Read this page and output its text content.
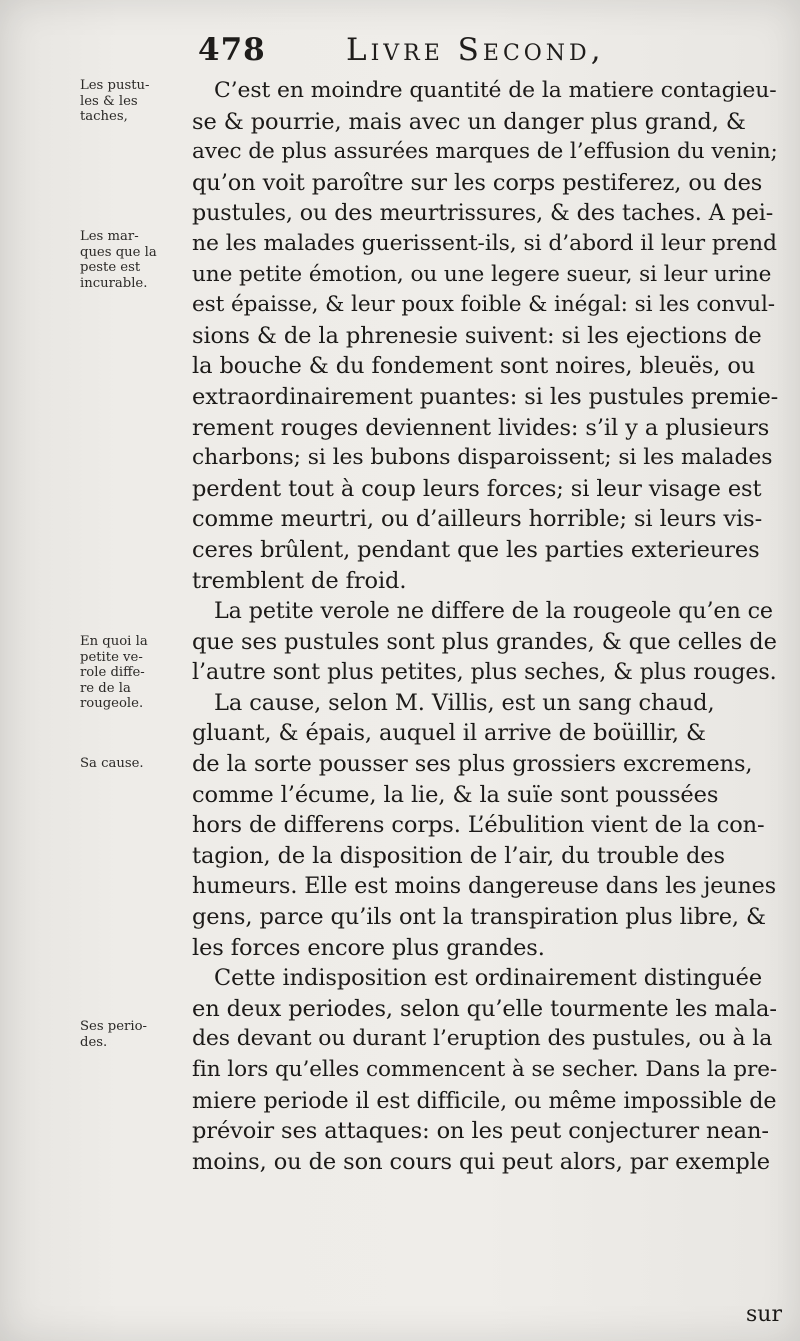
478	Livre Second,
Les pustu-
les & les
taches,
Les mar-
ques que la
peste est
incurable.
En quoi la
petite ve-
role diffe-
re de la
rougeole.
Sa cause.
Ses perio-
des.
C’est en moindre quantité de la matiere contagieu-
se & pourrie, mais avec un danger plus grand, &
avec de plus assurées marques de l’effusion du venin;
qu’on voit paroître sur les corps pestiferez, ou des
pustules, ou des meurtrissures, & des taches. A pei-
ne les malades guerissent-ils, si d’abord il leur prend
une petite émotion, ou une legere sueur, si leur urine
est épaisse, & leur poux foible & inégal: si les convul-
sions & de la phrenesie suivent: si les ejections de
la bouche & du fondement sont noires, bleuës, ou
extraordinairement puantes: si les pustules premie-
rement rouges deviennent livides: s’il y a plusieurs
charbons; si les bubons disparoissent; si les malades
perdent tout à coup leurs forces; si leur visage est
comme meurtri, ou d’ailleurs horrible; si leurs vis-
ceres brûlent, pendant que les parties exterieures
tremblent de froid.
La petite verole ne differe de la rougeole qu’en ce
que ses pustules sont plus grandes, & que celles de
l’autre sont plus petites, plus seches, & plus rouges.
La cause, selon M. Villis, est un sang chaud,
gluant, & épais, auquel il arrive de boüillir, &
de la sorte pousser ses plus grossiers excremens,
comme l’écume, la lie, & la suïe sont poussées
hors de differens corps. L’ébulition vient de la con-
tagion, de la disposition de l’air, du trouble des
humeurs. Elle est moins dangereuse dans les jeunes
gens, parce qu’ils ont la transpiration plus libre, &
les forces encore plus grandes.
Cette indisposition est ordinairement distinguée
en deux periodes, selon qu’elle tourmente les mala-
des devant ou durant l’eruption des pustules, ou à la
fin lors qu’elles commencent à se secher. Dans la pre-
miere periode il est difficile, ou même impossible de
prévoir ses attaques: on les peut conjecturer nean-
moins, ou de son cours qui peut alors, par exemple
sur
